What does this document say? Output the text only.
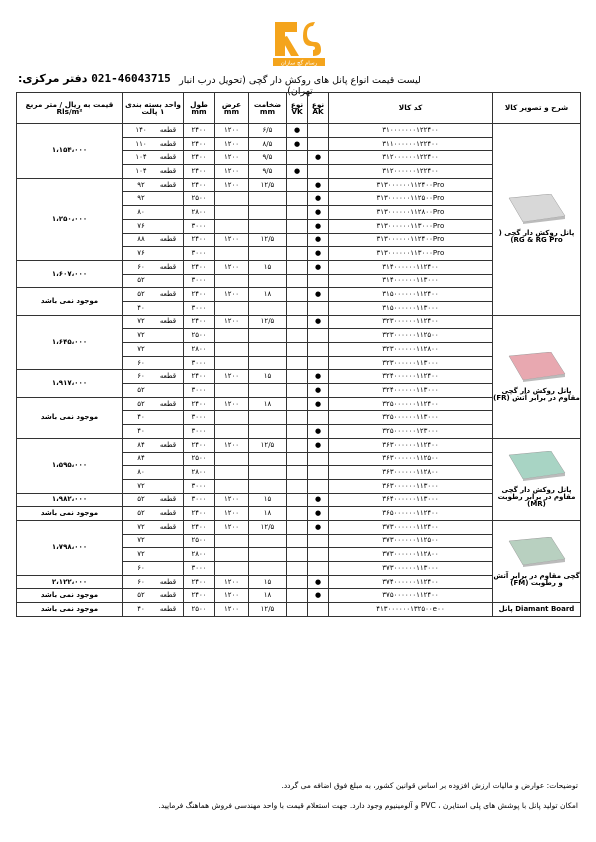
رسام گچ سازان
021-46043715 دفتر مرکزی:	لیست قیمت انواع پانل های روکش دار گچی (تحویل درب انبار تهران)
شرح و تصویر کالا	کد کالا	نوع AK	نوع VK	ضخامت mm	عرض mm	طول mm	واحد بسته بندی ۱ پالت	قیمت به ریال / متر مربع Rls/m²

پانل روکش دار گچی ( RG & RG Pro)	۳۱۰۰۰۰۰۰۰۱۲۲۴۰۰		●	۶/۵	۱۲۰۰	۲۴۰۰	قطعه۱۴۰	۱،۱۵۴،۰۰۰
	۳۱۱۰۰۰۰۰۰۱۲۲۴۰۰		●	۸/۵	۱۲۰۰	۲۴۰۰	قطعه۱۱۰	
	۳۱۲۰۰۰۰۰۰۱۲۲۴۰۰	●		۹/۵	۱۲۰۰	۲۴۰۰	قطعه۱۰۴	
	۳۱۲۰۰۰۰۰۰۱۲۲۴۰۰		●	۹/۵	۱۲۰۰	۲۴۰۰	قطعه۱۰۴	
	۳۱۳۰۰۰۰۰۰۱۱۲۴۰۰Pro	●		۱۲/۵	۱۲۰۰	۲۴۰۰	قطعه۹۲	۱،۲۵۰،۰۰۰
	۳۱۳۰۰۰۰۰۰۱۱۲۵۰۰Pro	●				۲۵۰۰	۹۲	
	۳۱۳۰۰۰۰۰۰۱۱۲۸۰۰Pro	●				۲۸۰۰	۸۰	
	۳۱۳۰۰۰۰۰۰۱۱۳۰۰۰Pro	●				۳۰۰۰	۷۶	
	۳۱۳۰۰۰۰۰۰۱۱۲۴۰۰Pro	●		۱۲/۵	۱۲۰۰	۲۴۰۰	قطعه۸۸	
	۳۱۳۰۰۰۰۰۰۱۱۳۰۰۰Pro	●				۳۰۰۰	۷۶	
	۳۱۴۰۰۰۰۰۰۱۱۲۴۰۰	●		۱۵	۱۲۰۰	۲۴۰۰	قطعه۶۰	۱،۶۰۷،۰۰۰
	۳۱۴۰۰۰۰۰۰۱۱۳۰۰۰					۳۰۰۰	۵۲	
	۳۱۵۰۰۰۰۰۰۱۱۲۴۰۰	●		۱۸	۱۲۰۰	۲۴۰۰	قطعه۵۲	موجود نمی باشد
	۳۱۵۰۰۰۰۰۰۱۱۳۰۰۰					۳۰۰۰	۴۰	

پانل روکش دار گچی مقاوم در برابر آتش (FR)	۳۲۳۰۰۰۰۰۰۱۱۲۴۰۰	●		۱۲/۵	۱۲۰۰	۲۴۰۰	قطعه۷۲	۱،۶۴۵،۰۰۰
	۳۲۳۰۰۰۰۰۰۱۱۲۵۰۰					۲۵۰۰	۷۲	
	۳۲۳۰۰۰۰۰۰۱۱۲۸۰۰					۲۸۰۰	۷۲	
	۳۲۳۰۰۰۰۰۰۱۱۳۰۰۰					۳۰۰۰	۶۰	
	۳۲۴۰۰۰۰۰۰۱۱۲۴۰۰	●		۱۵	۱۲۰۰	۲۴۰۰	قطعه۶۰	۱،۹۱۷،۰۰۰
	۳۲۴۰۰۰۰۰۰۱۱۳۰۰۰	●				۳۰۰۰	۵۲	
	۳۲۵۰۰۰۰۰۰۱۱۲۴۰۰	●		۱۸	۱۲۰۰	۲۴۰۰	قطعه۵۲	موجود نمی باشد
	۳۲۵۰۰۰۰۰۰۱۱۳۰۰۰					۳۰۰۰	۴۰	
	۳۲۵۰۰۰۰۰۰۱۲۳۰۰۰	●				۳۰۰۰	۴۰	

پانل روکش دار گچی مقاوم در برابر رطوبت (MR)	۳۶۳۰۰۰۰۰۰۱۱۲۴۰۰	●		۱۲/۵	۱۲۰۰	۲۴۰۰	قطعه۸۴	۱،۵۹۵،۰۰۰
	۳۶۳۰۰۰۰۰۰۱۱۲۵۰۰					۲۵۰۰	۸۴	
	۳۶۳۰۰۰۰۰۰۱۱۲۸۰۰					۲۸۰۰	۸۰	
	۳۶۳۰۰۰۰۰۰۱۱۳۰۰۰					۳۰۰۰	۷۲	
	۳۶۴۰۰۰۰۰۰۱۱۳۰۰۰	●		۱۵	۱۲۰۰	۳۰۰۰	قطعه۵۲	۱،۹۸۲،۰۰۰
	۳۶۵۰۰۰۰۰۰۱۱۲۴۰۰	●		۱۸	۱۲۰۰	۲۴۰۰	قطعه۵۲	موجود نمی باشد

گچی مقاوم در برابر آتش و رطوبت (FM)	۳۷۳۰۰۰۰۰۰۱۱۲۴۰۰	●		۱۲/۵	۱۲۰۰	۲۴۰۰	قطعه۷۲	۱،۷۹۸،۰۰۰
	۳۷۳۰۰۰۰۰۰۱۱۲۵۰۰					۲۵۰۰	۷۲	
	۳۷۳۰۰۰۰۰۰۱۱۲۸۰۰					۲۸۰۰	۷۲	
	۳۷۳۰۰۰۰۰۰۱۱۳۰۰۰					۳۰۰۰	۶۰	
	۳۷۴۰۰۰۰۰۰۱۱۲۴۰۰	●		۱۵	۱۲۰۰	۲۴۰۰	قطعه۶۰	۲،۱۲۲،۰۰۰
	۳۷۵۰۰۰۰۰۰۱۱۲۴۰۰	●		۱۸	۱۲۰۰	۲۴۰۰	قطعه۵۲	موجود نمی باشد
Diamant Board پانل	۴۱۳۰۰۰۰۰۰۱۳۲۵۰۰e۰۰			۱۲/۵	۱۲۰۰	۲۵۰۰	قطعه۴۰	موجود نمی باشد
توضیحات: عوارض و مالیات ارزش افزوده بر اساس قوانین کشور، به مبلغ فوق اضافه می گردد.
امکان تولید پانل با پوشش های پلی استایرن ، PVC و آلومینیوم وجود دارد. جهت استعلام قیمت با واحد مهندسی فروش هماهنگ فرمایید.
